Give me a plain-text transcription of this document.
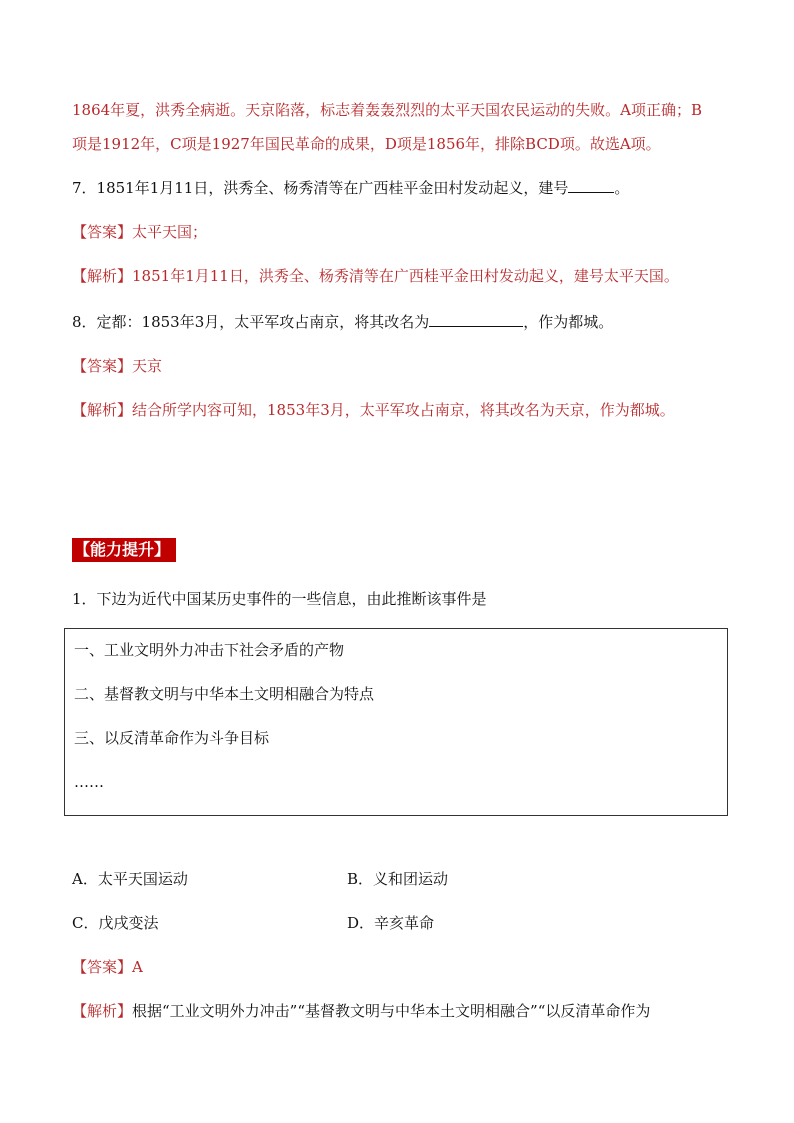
1864年夏，洪秀全病逝。天京陷落，标志着轰轰烈烈的太平天国农民运动的失败。A项正确；B
项是1912年，C项是1927年国民革命的成果，D项是1856年，排除BCD项。故选A项。
7．1851年1月11日，洪秀全、杨秀清等在广西桂平金田村发动起义，建号	。
【答案】太平天国；
【解析】1851年1月11日，洪秀全、杨秀清等在广西桂平金田村发动起义，建号太平天国。
8．定都：1853年3月，太平军攻占南京，将其改名为	，作为都城。
【答案】天京
【解析】结合所学内容可知，1853年3月，太平军攻占南京，将其改名为天京，作为都城。
【能力提升】
1．下边为近代中国某历史事件的一些信息，由此推断该事件是
一、工业文明外力冲击下社会矛盾的产物
二、基督教文明与中华本土文明相融合为特点
三、以反清革命作为斗争目标
……
A．太平天国运动	B．义和团运动
C．戊戌变法	D．辛亥革命
【答案】A
【解析】根据“工业文明外力冲击”“基督教文明与中华本土文明相融合”“以反清革命作为
